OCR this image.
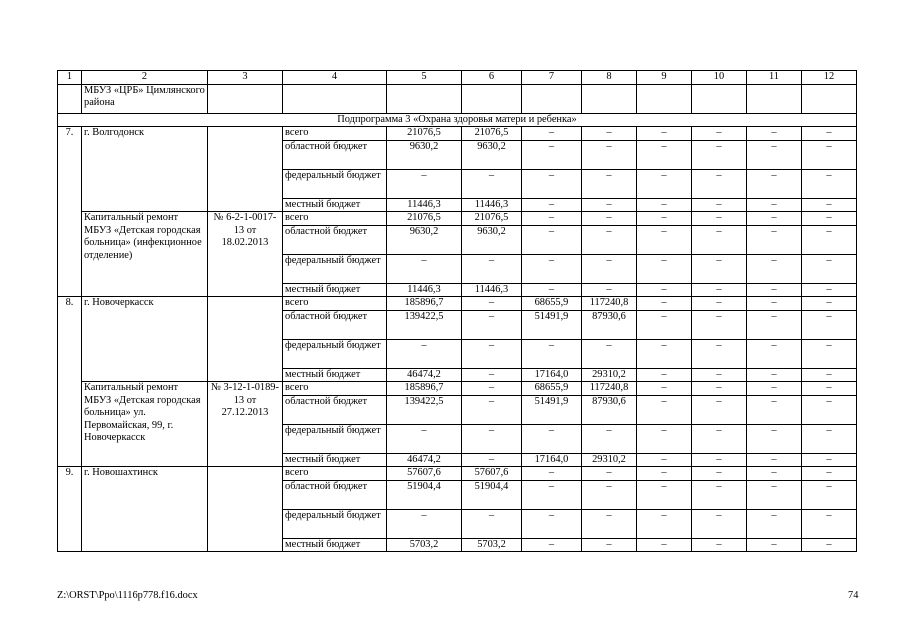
1	2	3	4	5	6	7	8	9	10	11	12
	МБУЗ «ЦРБ» Цимлянского района										
Подпрограмма 3 «Охрана здоровья матери и ребенка»											
7.	г. Волгодонск		всего	21076,5	21076,5	–	–	–	–	–	–
			областной бюджет	9630,2	9630,2	–	–	–	–	–	–
			федеральный бюджет	–	–	–	–	–	–	–	–
			местный бюджет	11446,3	11446,3	–	–	–	–	–	–
	Капитальный ремонт МБУЗ «Детская городская больница» (инфекционное отделение)	№ 6-2-1-0017-13 от 18.02.2013	всего	21076,5	21076,5	–	–	–	–	–	–
			областной бюджет	9630,2	9630,2	–	–	–	–	–	–
			федеральный бюджет	–	–	–	–	–	–	–	–
			местный бюджет	11446,3	11446,3	–	–	–	–	–	–
8.	г. Новочеркасск		всего	185896,7	–	68655,9	117240,8	–	–	–	–
			областной бюджет	139422,5	–	51491,9	87930,6	–	–	–	–
			федеральный бюджет	–	–	–	–	–	–	–	–
			местный бюджет	46474,2	–	17164,0	29310,2	–	–	–	–
	Капитальный ремонт МБУЗ «Детская городская больница» ул. Первомайская, 99, г. Новочеркасск	№ 3-12-1-0189-13 от 27.12.2013	всего	185896,7	–	68655,9	117240,8	–	–	–	–
			областной бюджет	139422,5	–	51491,9	87930,6	–	–	–	–
			федеральный бюджет	–	–	–	–	–	–	–	–
			местный бюджет	46474,2	–	17164,0	29310,2	–	–	–	–
9.	г. Новошахтинск		всего	57607,6	57607,6	–	–	–	–	–	–
			областной бюджет	51904,4	51904,4	–	–	–	–	–	–
			федеральный бюджет	–	–	–	–	–	–	–	–
			местный бюджет	5703,2	5703,2	–	–	–	–	–	–
Z:\ORST\Ppo\1116p778.f16.docx	74
